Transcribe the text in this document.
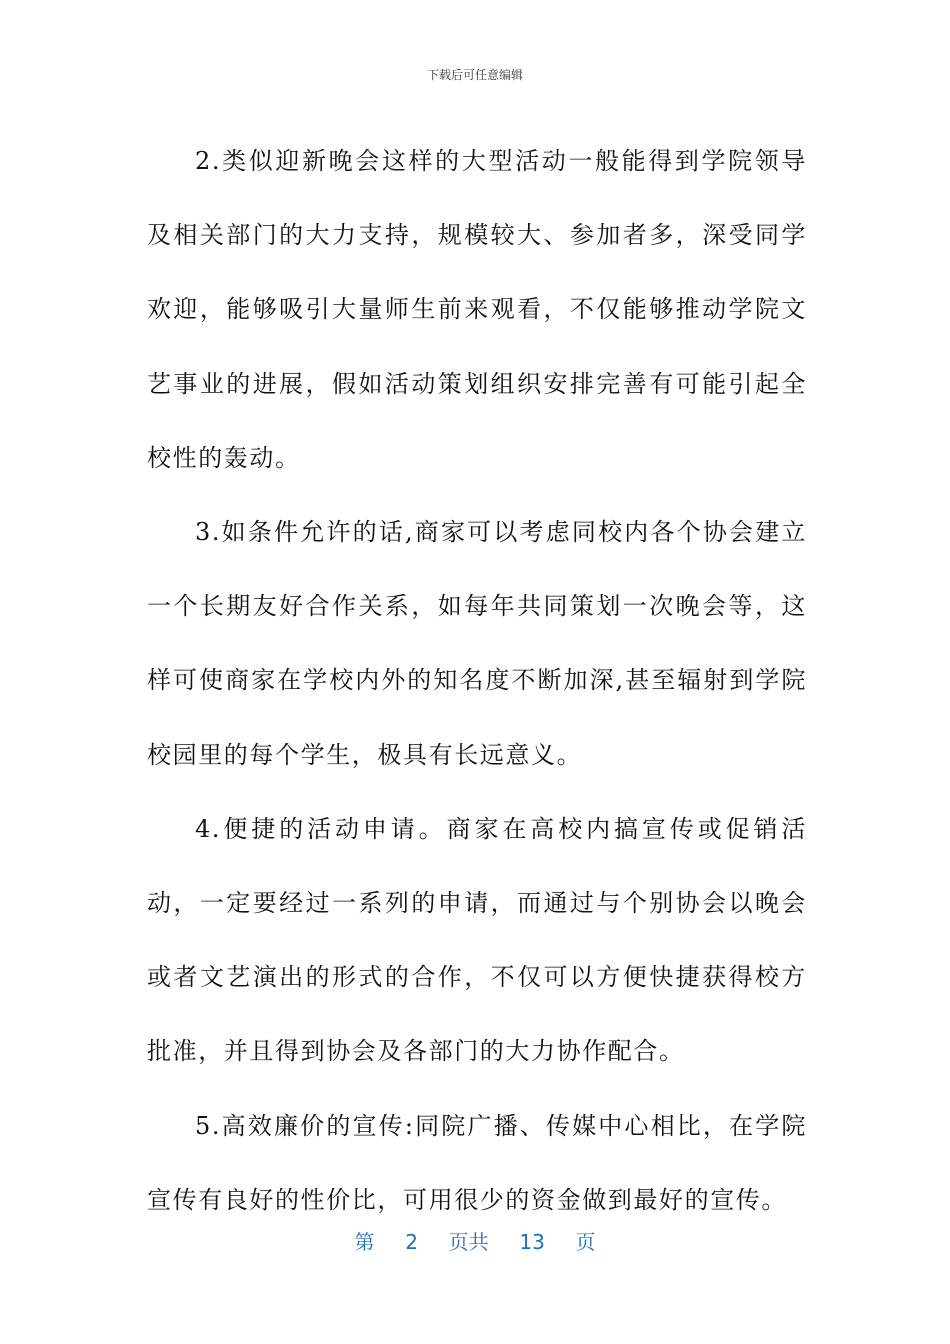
下载后可任意编辑

2.类似迎新晚会这样的大型活动一般能得到学院领导及相关部门的大力支持，规模较大、参加者多，深受同学欢迎，能够吸引大量师生前来观看，不仅能够推动学院文艺事业的进展，假如活动策划组织安排完善有可能引起全校性的轰动。

3.如条件允许的话,商家可以考虑同校内各个协会建立一个长期友好合作关系，如每年共同策划一次晚会等，这样可使商家在学校内外的知名度不断加深,甚至辐射到学院校园里的每个学生，极具有长远意义。

4.便捷的活动申请。商家在高校内搞宣传或促销活动，一定要经过一系列的申请，而通过与个别协会以晚会或者文艺演出的形式的合作，不仅可以方便快捷获得校方批准，并且得到协会及各部门的大力协作配合。

5.高效廉价的宣传:同院广播、传媒中心相比，在学院宣传有良好的性价比，可用很少的资金做到最好的宣传。

第 2 页共 13 页
